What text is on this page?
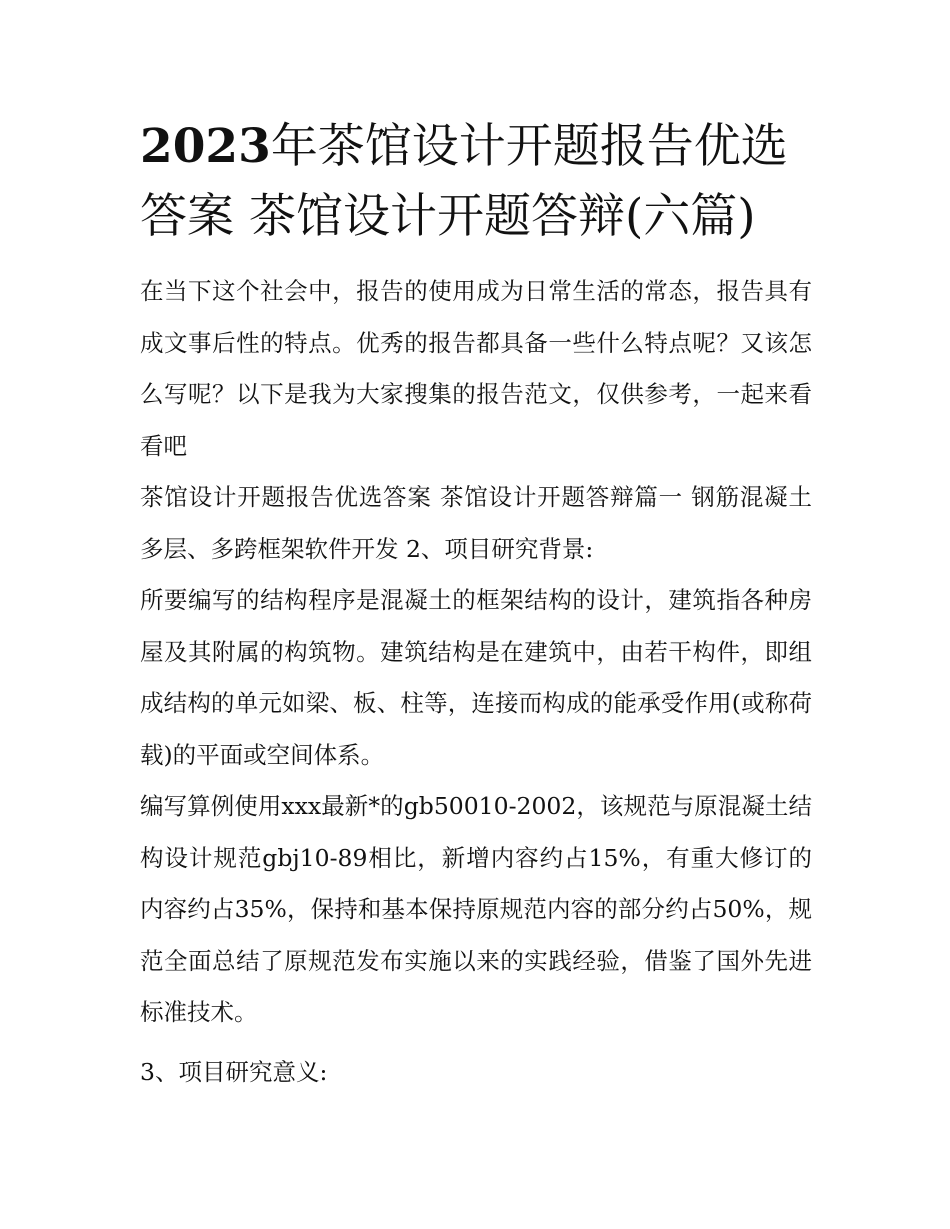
2023年茶馆设计开题报告优选答案 茶馆设计开题答辩(六篇)

在当下这个社会中，报告的使用成为日常生活的常态，报告具有成文事后性的特点。优秀的报告都具备一些什么特点呢？又该怎么写呢？以下是我为大家搜集的报告范文，仅供参考，一起来看看吧

茶馆设计开题报告优选答案 茶馆设计开题答辩篇一 钢筋混凝土多层、多跨框架软件开发 2、项目研究背景:

所要编写的结构程序是混凝土的框架结构的设计，建筑指各种房屋及其附属的构筑物。建筑结构是在建筑中，由若干构件，即组成结构的单元如梁、板、柱等，连接而构成的能承受作用(或称荷载)的平面或空间体系。

编写算例使用xxx最新*的gb50010-2002，该规范与原混凝土结构设计规范gbj10-89相比，新增内容约占15%，有重大修订的内容约占35%，保持和基本保持原规范内容的部分约占50%，规范全面总结了原规范发布实施以来的实践经验，借鉴了国外先进标准技术。

3、项目研究意义:
